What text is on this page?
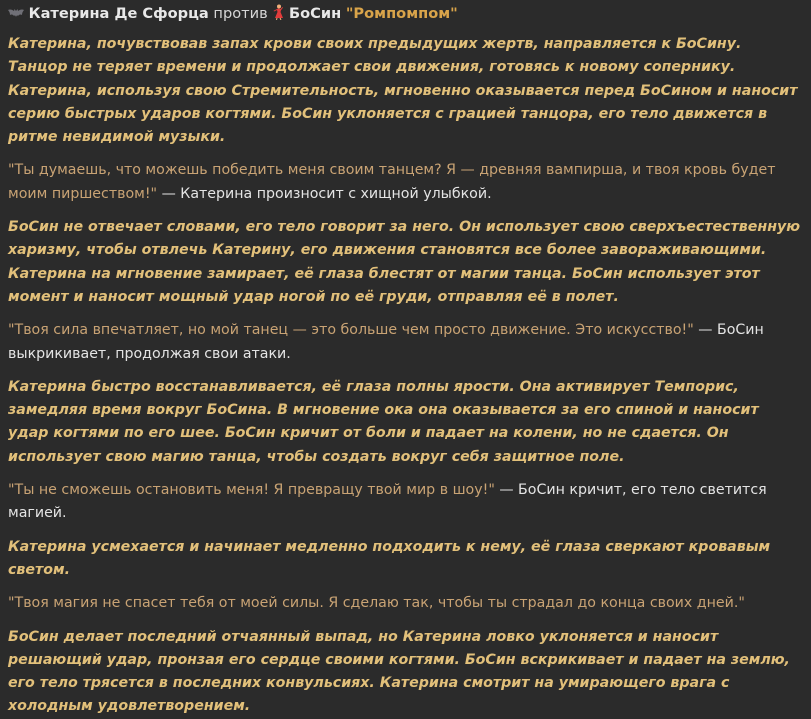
Катерина Де Сфорца против БоСин "Ромпомпом"

Катерина, почувствовав запах крови своих предыдущих жертв, направляется к БоСину. Танцор не теряет времени и продолжает свои движения, готовясь к новому сопернику. Катерина, используя свою Стремительность, мгновенно оказывается перед БоСином и наносит серию быстрых ударов когтями. БоСин уклоняется с грацией танцора, его тело движется в ритме невидимой музыки.

"Ты думаешь, что можешь победить меня своим танцем? Я — древняя вампирша, и твоя кровь будет моим пиршеством!" — Катерина произносит с хищной улыбкой.

БоСин не отвечает словами, его тело говорит за него. Он использует свою сверхъестественную харизму, чтобы отвлечь Катерину, его движения становятся все более завораживающими. Катерина на мгновение замирает, её глаза блестят от магии танца. БоСин использует этот момент и наносит мощный удар ногой по её груди, отправляя её в полет.

"Твоя сила впечатляет, но мой танец — это больше чем просто движение. Это искусство!" — БоСин выкрикивает, продолжая свои атаки.

Катерина быстро восстанавливается, её глаза полны ярости. Она активирует Темпорис, замедляя время вокруг БоСина. В мгновение ока она оказывается за его спиной и наносит удар когтями по его шее. БоСин кричит от боли и падает на колени, но не сдается. Он использует свою магию танца, чтобы создать вокруг себя защитное поле.

"Ты не сможешь остановить меня! Я превращу твой мир в шоу!" — БоСин кричит, его тело светится магией.

Катерина усмехается и начинает медленно подходить к нему, её глаза сверкают кровавым светом.

"Твоя магия не спасет тебя от моей силы. Я сделаю так, чтобы ты страдал до конца своих дней."

БоСин делает последний отчаянный выпад, но Катерина ловко уклоняется и наносит решающий удар, пронзая его сердце своими когтями. БоСин вскрикивает и падает на землю, его тело трясется в последних конвульсиях. Катерина смотрит на умирающего врага с холодным удовлетворением.
